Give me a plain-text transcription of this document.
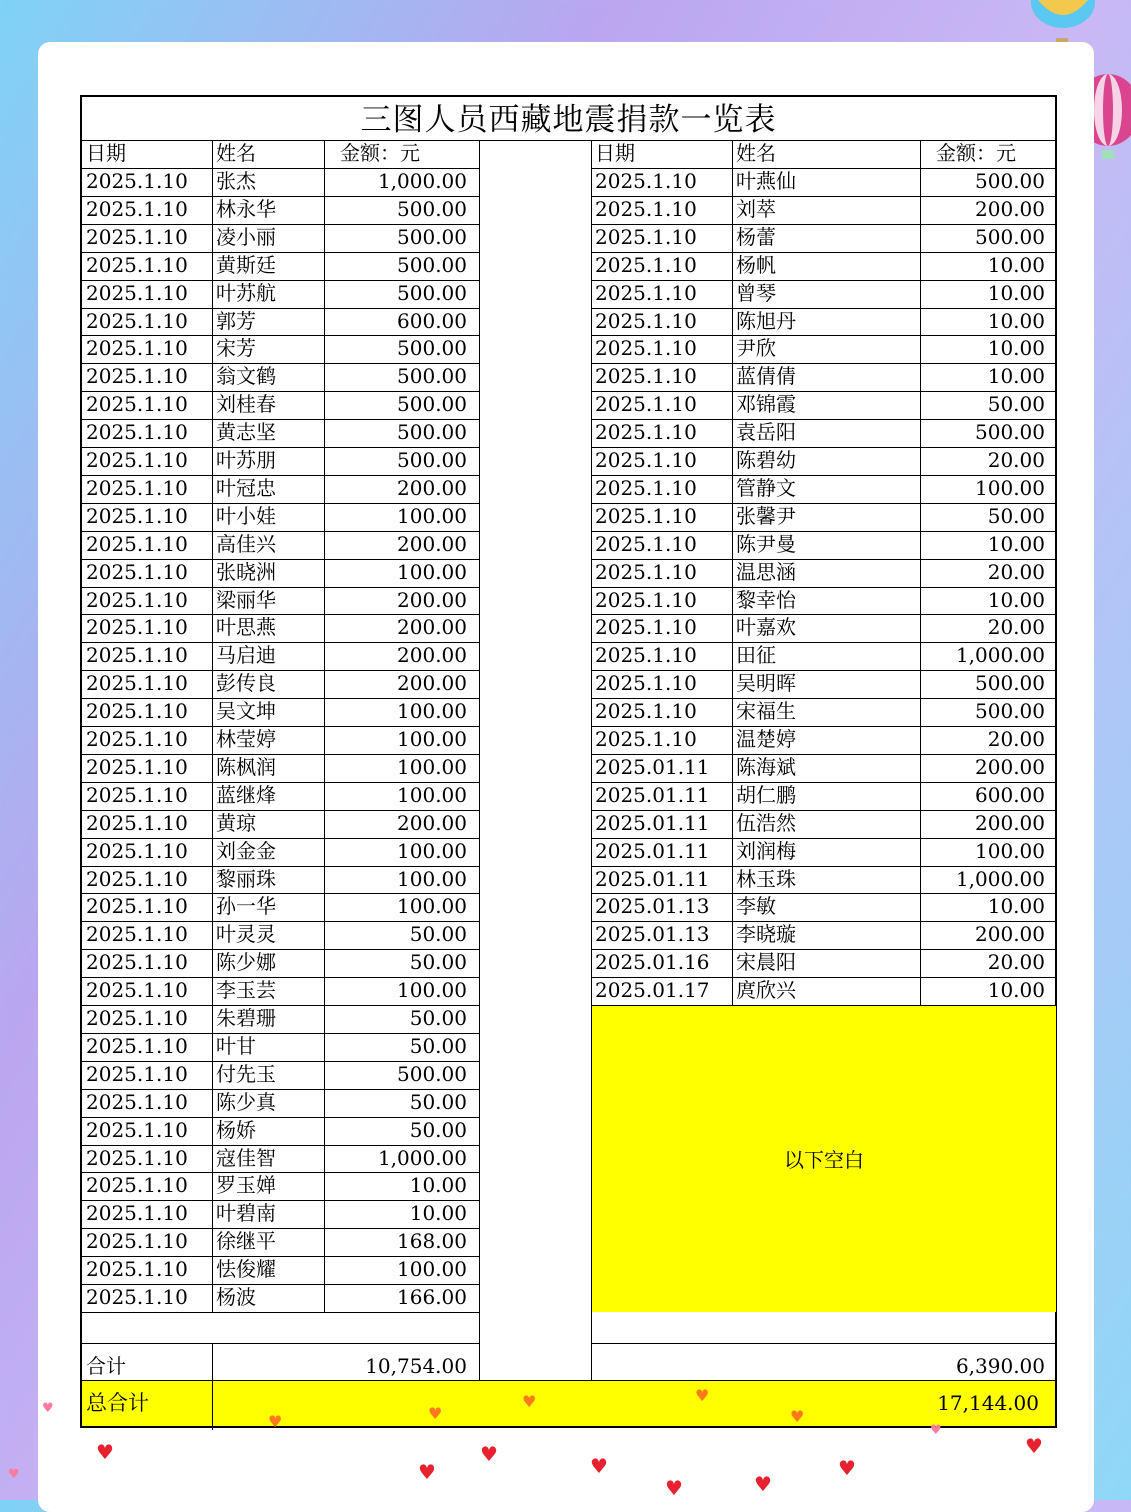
三图人员西藏地震捐款一览表
日期	姓名	金额：元	日期	姓名	金额：元
2025.1.10	张杰	1,000.00
2025.1.10	林永华	500.00
2025.1.10	凌小丽	500.00
2025.1.10	黄斯廷	500.00
2025.1.10	叶苏航	500.00
2025.1.10	郭芳	600.00
2025.1.10	宋芳	500.00
2025.1.10	翁文鹤	500.00
2025.1.10	刘桂春	500.00
2025.1.10	黄志坚	500.00
2025.1.10	叶苏朋	500.00
2025.1.10	叶冠忠	200.00
2025.1.10	叶小娃	100.00
2025.1.10	高佳兴	200.00
2025.1.10	张晓洲	100.00
2025.1.10	梁丽华	200.00
2025.1.10	叶思燕	200.00
2025.1.10	马启迪	200.00
2025.1.10	彭传良	200.00
2025.1.10	吴文坤	100.00
2025.1.10	林莹婷	100.00
2025.1.10	陈枫润	100.00
2025.1.10	蓝继烽	100.00
2025.1.10	黄琼	200.00
2025.1.10	刘金金	100.00
2025.1.10	黎丽珠	100.00
2025.1.10	孙一华	100.00
2025.1.10	叶灵灵	50.00
2025.1.10	陈少娜	50.00
2025.1.10	李玉芸	100.00
2025.1.10	朱碧珊	50.00
2025.1.10	叶甘	50.00
2025.1.10	付先玉	500.00
2025.1.10	陈少真	50.00
2025.1.10	杨娇	50.00
2025.1.10	寇佳智	1,000.00
2025.1.10	罗玉婵	10.00
2025.1.10	叶碧南	10.00
2025.1.10	徐继平	168.00
2025.1.10	怯俊耀	100.00
2025.1.10	杨波	166.00
2025.1.10	叶燕仙	500.00
2025.1.10	刘萃	200.00
2025.1.10	杨蕾	500.00
2025.1.10	杨帆	10.00
2025.1.10	曾琴	10.00
2025.1.10	陈旭丹	10.00
2025.1.10	尹欣	10.00
2025.1.10	蓝倩倩	10.00
2025.1.10	邓锦霞	50.00
2025.1.10	袁岳阳	500.00
2025.1.10	陈碧幼	20.00
2025.1.10	管静文	100.00
2025.1.10	张馨尹	50.00
2025.1.10	陈尹曼	10.00
2025.1.10	温思涵	20.00
2025.1.10	黎幸怡	10.00
2025.1.10	叶嘉欢	20.00
2025.1.10	田征	1,000.00
2025.1.10	吴明晖	500.00
2025.1.10	宋福生	500.00
2025.1.10	温楚婷	20.00
2025.01.11	陈海斌	200.00
2025.01.11	胡仁鹏	600.00
2025.01.11	伍浩然	200.00
2025.01.11	刘润梅	100.00
2025.01.11	林玉珠	1,000.00
2025.01.13	李敏	10.00
2025.01.13	李晓璇	200.00
2025.01.16	宋晨阳	20.00
2025.01.17	庹欣兴	10.00
以下空白
合计	10,754.00	6,390.00
总合计	17,144.00
♥
♥
♥	♥
♥	♥
♥
♥
♥
♥
♥
♥
♥
♥
♥	♥
